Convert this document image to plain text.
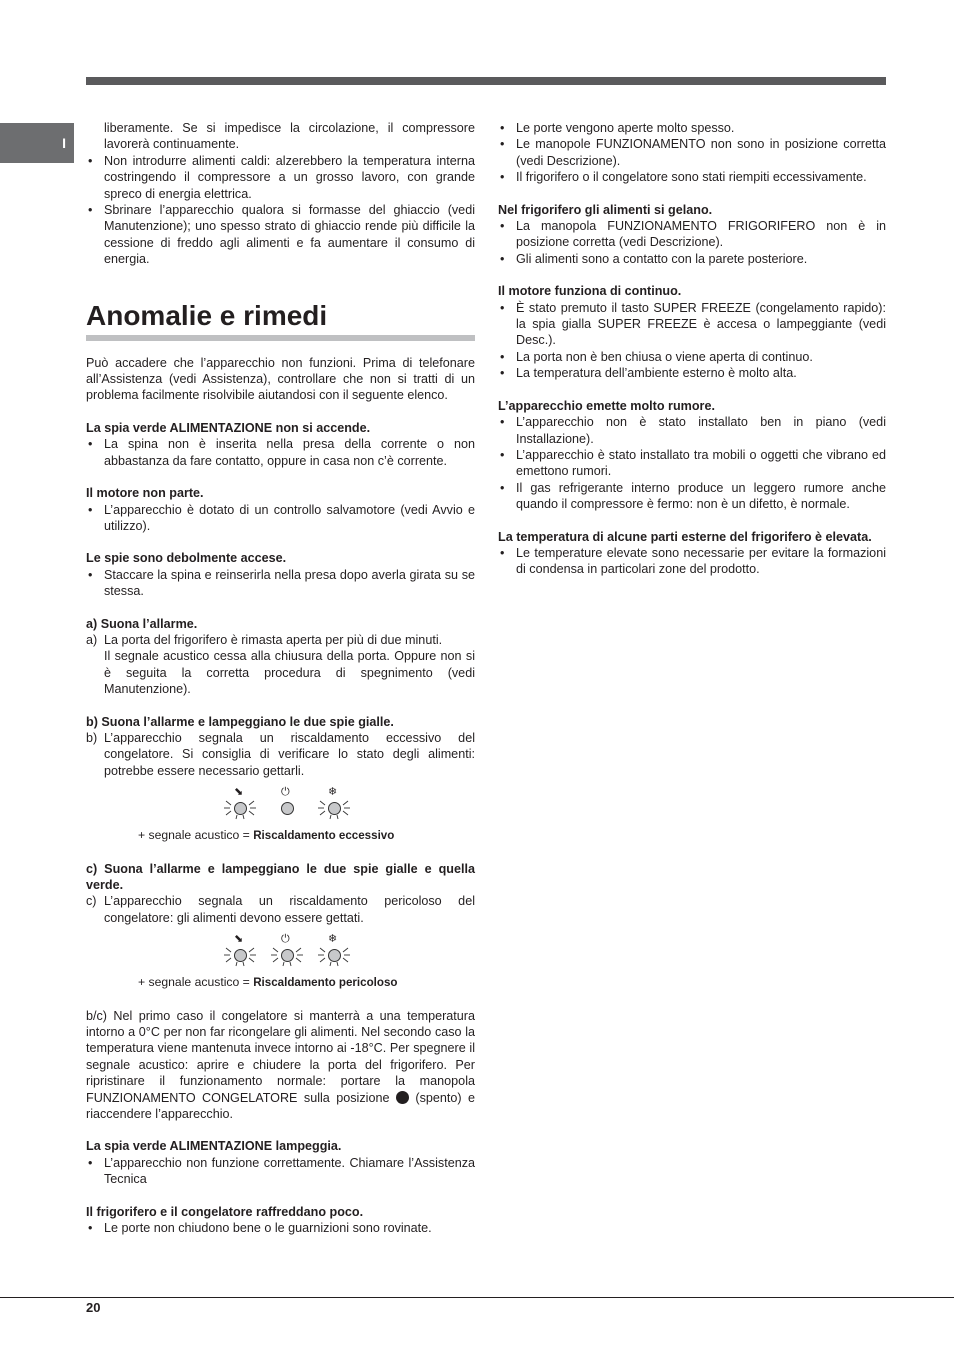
I

liberamente. Se si impedisce la circolazione, il compressore lavorerà continuamente.

• Non introdurre alimenti caldi: alzerebbero la temperatura interna costringendo il compressore a un grosso lavoro, con grande spreco di energia elettrica.
• Sbrinare l’apparecchio qualora si formasse del ghiaccio (vedi Manutenzione); uno spesso strato di ghiaccio rende più difficile la cessione di freddo agli alimenti e fa aumentare il consumo di energia.
Anomalie e rimedi

Può accadere che l’apparecchio non funzioni. Prima di telefonare all’Assistenza (vedi Assistenza), controllare che non si tratti di un problema facilmente risolvibile aiutandosi con il seguente elenco.

La spia verde ALIMENTAZIONE non si accende.

• La spina non è inserita nella presa della corrente o non abbastanza da fare contatto, oppure in casa non c’è corrente.

Il motore non parte.

• L’apparecchio è dotato di un controllo salvamotore (vedi Avvio e utilizzo).

Le spie sono debolmente accese.

• Staccare la spina e reinserirla nella presa dopo averla girata su se stessa.

a) Suona l’allarme.

a) La porta del frigorifero è rimasta aperta per più di due minuti.

Il segnale acustico cessa alla chiusura della porta. Oppure non si è seguita la corretta procedura di spegnimento (vedi Manutenzione).

b) Suona l’allarme e lampeggiano le due spie gialle.

b) L’apparecchio segnala un riscaldamento eccessivo del congelatore. Si consiglia di verificare lo stato degli alimenti: potrebbe essere necessario gettarli.
⬊	⏻	❄

+ segnale acustico = Riscaldamento eccessivo

c) Suona l’allarme e lampeggiano le due spie gialle e quella verde.

c) L’apparecchio segnala un riscaldamento pericoloso del congelatore: gli alimenti devono essere gettati.
⬊	⏻	❄

+ segnale acustico = Riscaldamento pericoloso

b/c) Nel primo caso il congelatore si manterrà a una temperatura intorno a 0°C per non far ricongelare gli alimenti. Nel secondo caso la temperatura viene mantenuta invece intorno ai -18°C. Per spegnere il segnale acustico: aprire e chiudere la porta del frigorifero. Per ripristinare il funzionamento normale: portare la manopola FUNZIONAMENTO CONGELATORE sulla posizione (spento) e riaccendere l’apparecchio.

La spia verde ALIMENTAZIONE lampeggia.

• L’apparecchio non funzione correttamente. Chiamare l’Assistenza Tecnica

Il frigorifero e il congelatore raffreddano poco.

• Le porte non chiudono bene o le guarnizioni sono rovinate.
• Le porte vengono aperte molto spesso.
• Le manopole FUNZIONAMENTO non sono in posizione corretta (vedi Descrizione).
• Il frigorifero o il congelatore sono stati riempiti eccessivamente.

Nel frigorifero gli alimenti si gelano.

• La manopola FUNZIONAMENTO FRIGORIFERO non è in posizione corretta (vedi Descrizione).
• Gli alimenti sono a contatto con la parete posteriore.

Il motore funziona di continuo.

• È stato premuto il tasto SUPER FREEZE (congelamento rapido): la spia gialla SUPER FREEZE è accesa o lampeggiante (vedi Desc.).
• La porta non è ben chiusa o viene aperta di continuo.
• La temperatura dell’ambiente esterno è molto alta.

L’apparecchio emette molto rumore.

• L’apparecchio non è stato installato ben in piano (vedi Installazione).
• L’apparecchio è stato installato tra mobili o oggetti che vibrano ed emettono rumori.
• Il gas refrigerante interno produce un leggero rumore anche quando il compressore è fermo: non è un difetto, è normale.

La temperatura di alcune parti esterne del frigorifero è elevata.

• Le temperature elevate sono necessarie per evitare la formazioni di condensa in particolari zone del prodotto.
20
